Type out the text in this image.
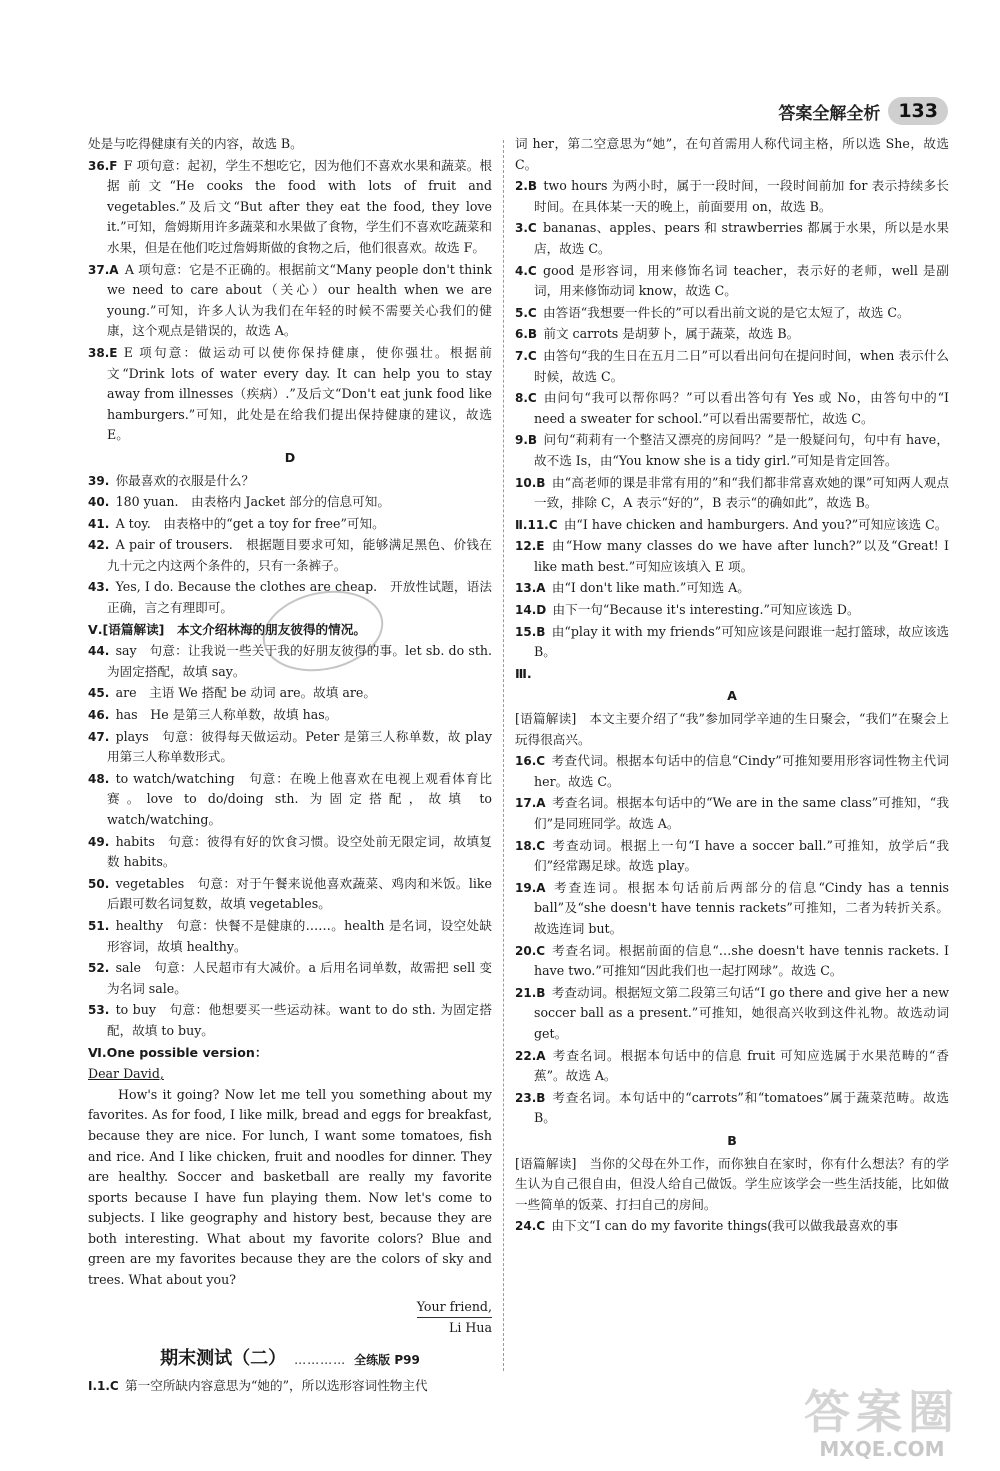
答案全解全析 133
处是与吃得健康有关的内容，故选 B。
36.F  F 项句意：起初，学生不想吃它，因为他们不喜欢水果和蔬菜。根据前文“He cooks the food with lots of fruit and vegetables.”及后文“But after they eat the food, they love it.”可知，詹姆斯用许多蔬菜和水果做了食物，学生们不喜欢吃蔬菜和水果，但是在他们吃过詹姆斯做的食物之后，他们很喜欢。故选 F。
37.A  A 项句意：它是不正确的。根据前文“Many people don't think we need to care about（关心）our health when we are young.”可知，许多人认为我们在年轻的时候不需要关心我们的健康，这个观点是错误的，故选 A。
38.E  E 项句意：做运动可以使你保持健康，使你强壮。根据前文“Drink lots of water every day. It can help you to stay away from illnesses（疾病）.”及后文“Don't eat junk food like hamburgers.”可知，此处是在给我们提出保持健康的建议，故选 E。
D
39.  你最喜欢的衣服是什么？
40.  180 yuan.　由表格内 Jacket 部分的信息可知。
41.  A toy.　由表格中的“get a toy for free”可知。
42.  A pair of trousers.　根据题目要求可知，能够满足黑色、价钱在九十元之内这两个条件的，只有一条裤子。
43.  Yes, I do. Because the clothes are cheap.　开放性试题，语法正确，言之有理即可。
Ⅴ.[语篇解读]　本文介绍林海的朋友彼得的情况。
44.  say　句意：让我说一些关于我的好朋友彼得的事。let sb. do sth. 为固定搭配，故填 say。
45.  are　主语 We 搭配 be 动词 are。故填 are。
46.  has　He 是第三人称单数，故填 has。
47.  plays　句意：彼得每天做运动。Peter 是第三人称单数，故 play 用第三人称单数形式。
48.  to watch/watching　句意：在晚上他喜欢在电视上观看体育比赛。love to do/doing sth. 为固定搭配，故填 to watch/watching。
49.  habits　句意：彼得有好的饮食习惯。设空处前无限定词，故填复数 habits。
50.  vegetables　句意：对于午餐来说他喜欢蔬菜、鸡肉和米饭。like 后跟可数名词复数，故填 vegetables。
51.  healthy　句意：快餐不是健康的……。health 是名词，设空处缺形容词，故填 healthy。
52.  sale　句意：人民超市有大减价。a 后用名词单数，故需把 sell 变为名词 sale。
53.  to buy　句意：他想要买一些运动袜。want to do sth. 为固定搭配，故填 to buy。
Ⅵ.One possible version：
Dear David,

How's it going? Now let me tell you something about my favorites. As for food, I like milk, bread and eggs for breakfast, because they are nice. For lunch, I want some tomatoes, fish and rice. And I like chicken, fruit and noodles for dinner. They are healthy. Soccer and basketball are really my favorite sports because I have fun playing them. Now let's come to subjects. I like geography and history best, because they are both interesting. What about my favorite colors? Blue and green are my favorites because they are the colors of sky and trees. What about you?

Your friend,
Li Hua
期末测试（二） ………… 全练版 P99
Ⅰ.1.C  第一空所缺内容意思为“她的”，所以选形容词性物主代
词 her，第二空意思为“她”，在句首需用人称代词主格，所以选 She，故选 C。
2.B  two hours 为两小时，属于一段时间，一段时间前加 for 表示持续多长时间。在具体某一天的晚上，前面要用 on，故选 B。
3.C  bananas、apples、pears 和 strawberries 都属于水果，所以是水果店，故选 C。
4.C  good 是形容词，用来修饰名词 teacher，表示好的老师，well 是副词，用来修饰动词 know，故选 C。
5.C  由答语“我想要一件长的”可以看出前文说的是它太短了，故选 C。
6.B  前文 carrots 是胡萝卜，属于蔬菜，故选 B。
7.C  由答句“我的生日在五月二日”可以看出问句在提问时间，when 表示什么时候，故选 C。
8.C  由问句“我可以帮你吗？”可以看出答句有 Yes 或 No，由答句中的“I need a sweater for school.”可以看出需要帮忙，故选 C。
9.B  问句“莉莉有一个整洁又漂亮的房间吗？”是一般疑问句，句中有 have，故不选 Is，由“You know she is a tidy girl.”可知是肯定回答。
10.B  由“高老师的课是非常有用的”和“我们都非常喜欢她的课”可知两人观点一致，排除 C，A 表示“好的”，B 表示“的确如此”，故选 B。
Ⅱ.11.C  由“I have chicken and hamburgers. And you?”可知应该选 C。
12.E  由“How many classes do we have after lunch?”以及“Great! I like math best.”可知应该填入 E 项。
13.A  由“I don't like math.”可知选 A。
14.D  由下一句“Because it's interesting.”可知应该选 D。
15.B  由“play it with my friends”可知应该是问跟谁一起打篮球，故应该选 B。
Ⅲ.
A
[语篇解读]　本文主要介绍了“我”参加同学辛迪的生日聚会，“我们”在聚会上玩得很高兴。
16.C  考查代词。根据本句话中的信息“Cindy”可推知要用形容词性物主代词 her。故选 C。
17.A  考查名词。根据本句话中的“We are in the same class”可推知，“我们”是同班同学。故选 A。
18.C  考查动词。根据上一句“I have a soccer ball.”可推知，放学后“我们”经常踢足球。故选 play。
19.A  考查连词。根据本句话前后两部分的信息“Cindy has a tennis ball”及“she doesn't have tennis rackets”可推知，二者为转折关系。故选连词 but。
20.C  考查名词。根据前面的信息“…she doesn't have tennis rackets. I have two.”可推知“因此我们也一起打网球”。故选 C。
21.B  考查动词。根据短文第二段第三句话“I go there and give her a new soccer ball as a present.”可推知，她很高兴收到这件礼物。故选动词 get。
22.A  考查名词。根据本句话中的信息 fruit 可知应选属于水果范畴的“香蕉”。故选 A。
23.B  考查名词。本句话中的“carrots”和“tomatoes”属于蔬菜范畴。故选 B。
B
[语篇解读]　当你的父母在外工作，而你独自在家时，你有什么想法？有的学生认为自己很自由，但没人给自己做饭。学生应该学会一些生活技能，比如做一些简单的饭菜、打扫自己的房间。
24.C  由下文“I can do my favorite things(我可以做我最喜欢的事
答案圈
MXQE.COM
